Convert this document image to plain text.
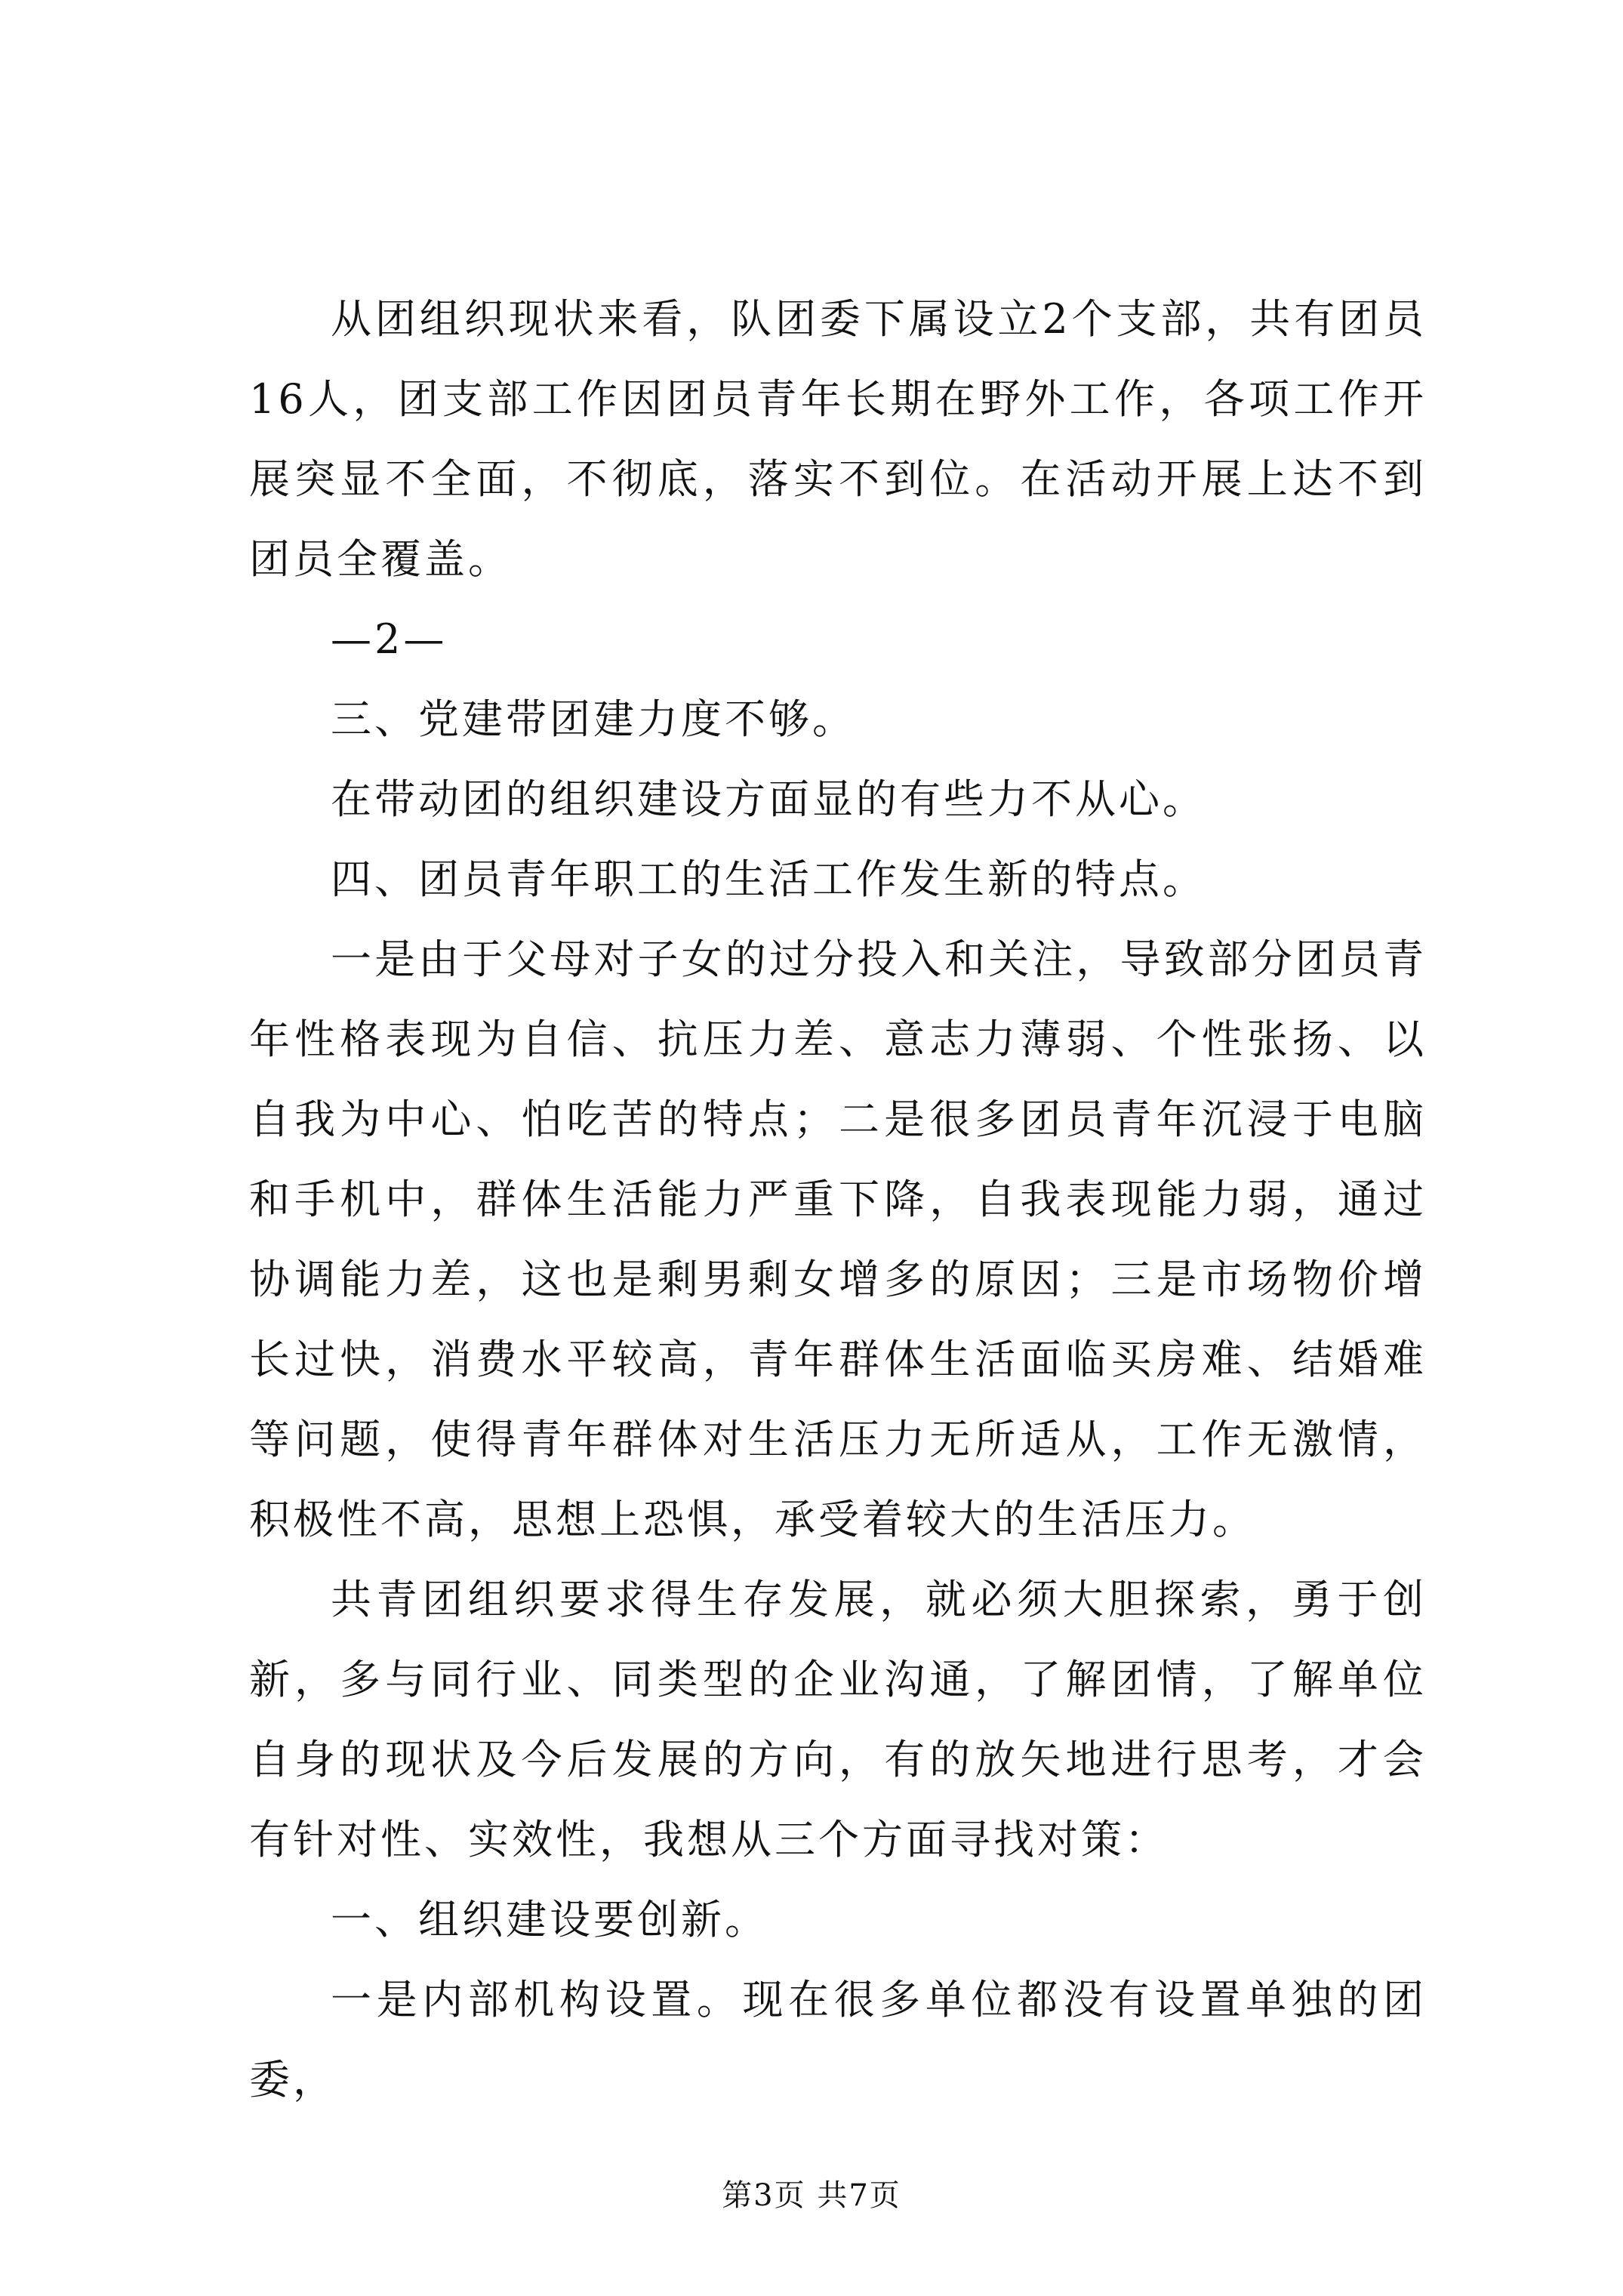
从团组织现状来看，队团委下属设立2个支部，共有团员16人，团支部工作因团员青年长期在野外工作，各项工作开展突显不全面，不彻底，落实不到位。在活动开展上达不到团员全覆盖。

—2—

三、党建带团建力度不够。

在带动团的组织建设方面显的有些力不从心。

四、团员青年职工的生活工作发生新的特点。

一是由于父母对子女的过分投入和关注，导致部分团员青年性格表现为自信、抗压力差、意志力薄弱、个性张扬、以自我为中心、怕吃苦的特点；二是很多团员青年沉浸于电脑和手机中，群体生活能力严重下降，自我表现能力弱，通过协调能力差，这也是剩男剩女增多的原因；三是市场物价增长过快，消费水平较高，青年群体生活面临买房难、结婚难等问题，使得青年群体对生活压力无所适从，工作无激情，积极性不高，思想上恐惧，承受着较大的生活压力。

共青团组织要求得生存发展，就必须大胆探索，勇于创新，多与同行业、同类型的企业沟通，了解团情，了解单位自身的现状及今后发展的方向，有的放矢地进行思考，才会有针对性、实效性，我想从三个方面寻找对策：

一、组织建设要创新。

一是内部机构设置。现在很多单位都没有设置单独的团委，

第3页 共7页
